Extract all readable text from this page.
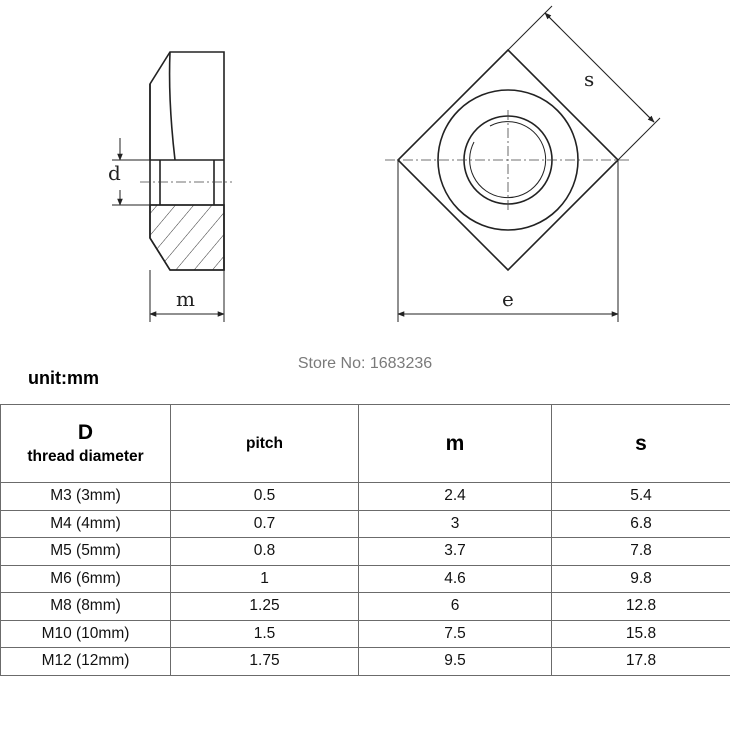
d
m
s
e
Store No: 1683236
unit:mm
D
thread diameter	pitch	m	s
M3 (3mm)	0.5	2.4	5.4
M4 (4mm)	0.7	3	6.8
M5 (5mm)	0.8	3.7	7.8
M6 (6mm)	1	4.6	9.8
M8 (8mm)	1.25	6	12.8
M10 (10mm)	1.5	7.5	15.8
M12 (12mm)	1.75	9.5	17.8
